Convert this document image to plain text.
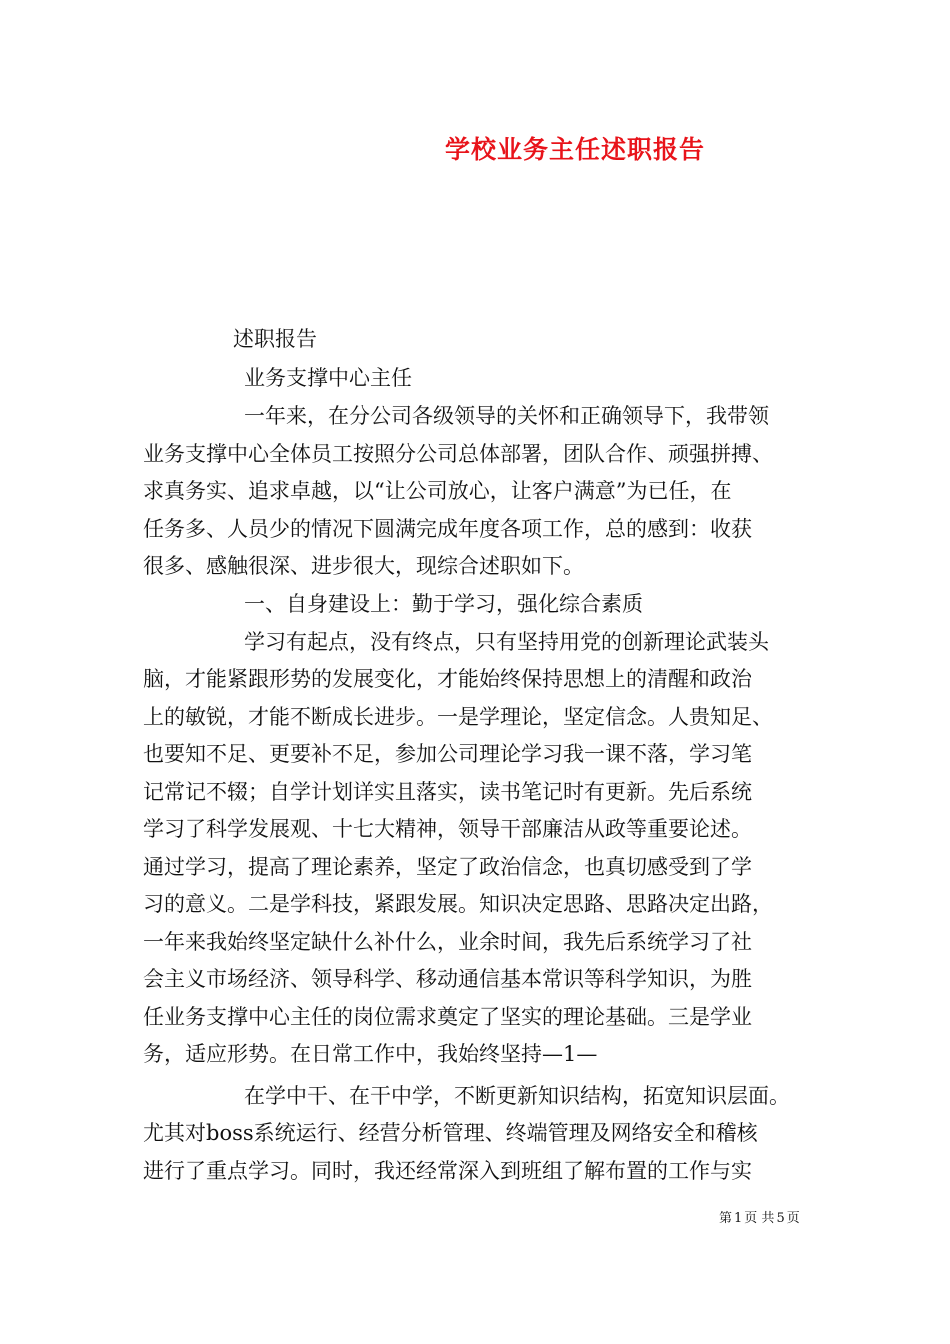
学校业务主任述职报告
述职报告
业务支撑中心主任
一年来，在分公司各级领导的关怀和正确领导下，我带领
业务支撑中心全体员工按照分公司总体部署，团队合作、顽强拼搏、
求真务实、追求卓越，以“让公司放心，让客户满意”为已任，在
任务多、人员少的情况下圆满完成年度各项工作，总的感到：收获
很多、感触很深、进步很大，现综合述职如下。
一、自身建设上：勤于学习，强化综合素质
学习有起点，没有终点，只有坚持用党的创新理论武装头
脑，才能紧跟形势的发展变化，才能始终保持思想上的清醒和政治
上的敏锐，才能不断成长进步。一是学理论，坚定信念。人贵知足、
也要知不足、更要补不足，参加公司理论学习我一课不落，学习笔
记常记不辍；自学计划详实且落实，读书笔记时有更新。先后系统
学习了科学发展观、十七大精神，领导干部廉洁从政等重要论述。
通过学习，提高了理论素养，坚定了政治信念，也真切感受到了学
习的意义。二是学科技，紧跟发展。知识决定思路、思路决定出路，
一年来我始终坚定缺什么补什么，业余时间，我先后系统学习了社
会主义市场经济、领导科学、移动通信基本常识等科学知识，为胜
任业务支撑中心主任的岗位需求奠定了坚实的理论基础。三是学业
务，适应形势。在日常工作中，我始终坚持—1—
在学中干、在干中学，不断更新知识结构，拓宽知识层面。
尤其对boss系统运行、经营分析管理、终端管理及网络安全和稽核
进行了重点学习。同时，我还经常深入到班组了解布置的工作与实
第 1 页 共 5 页
